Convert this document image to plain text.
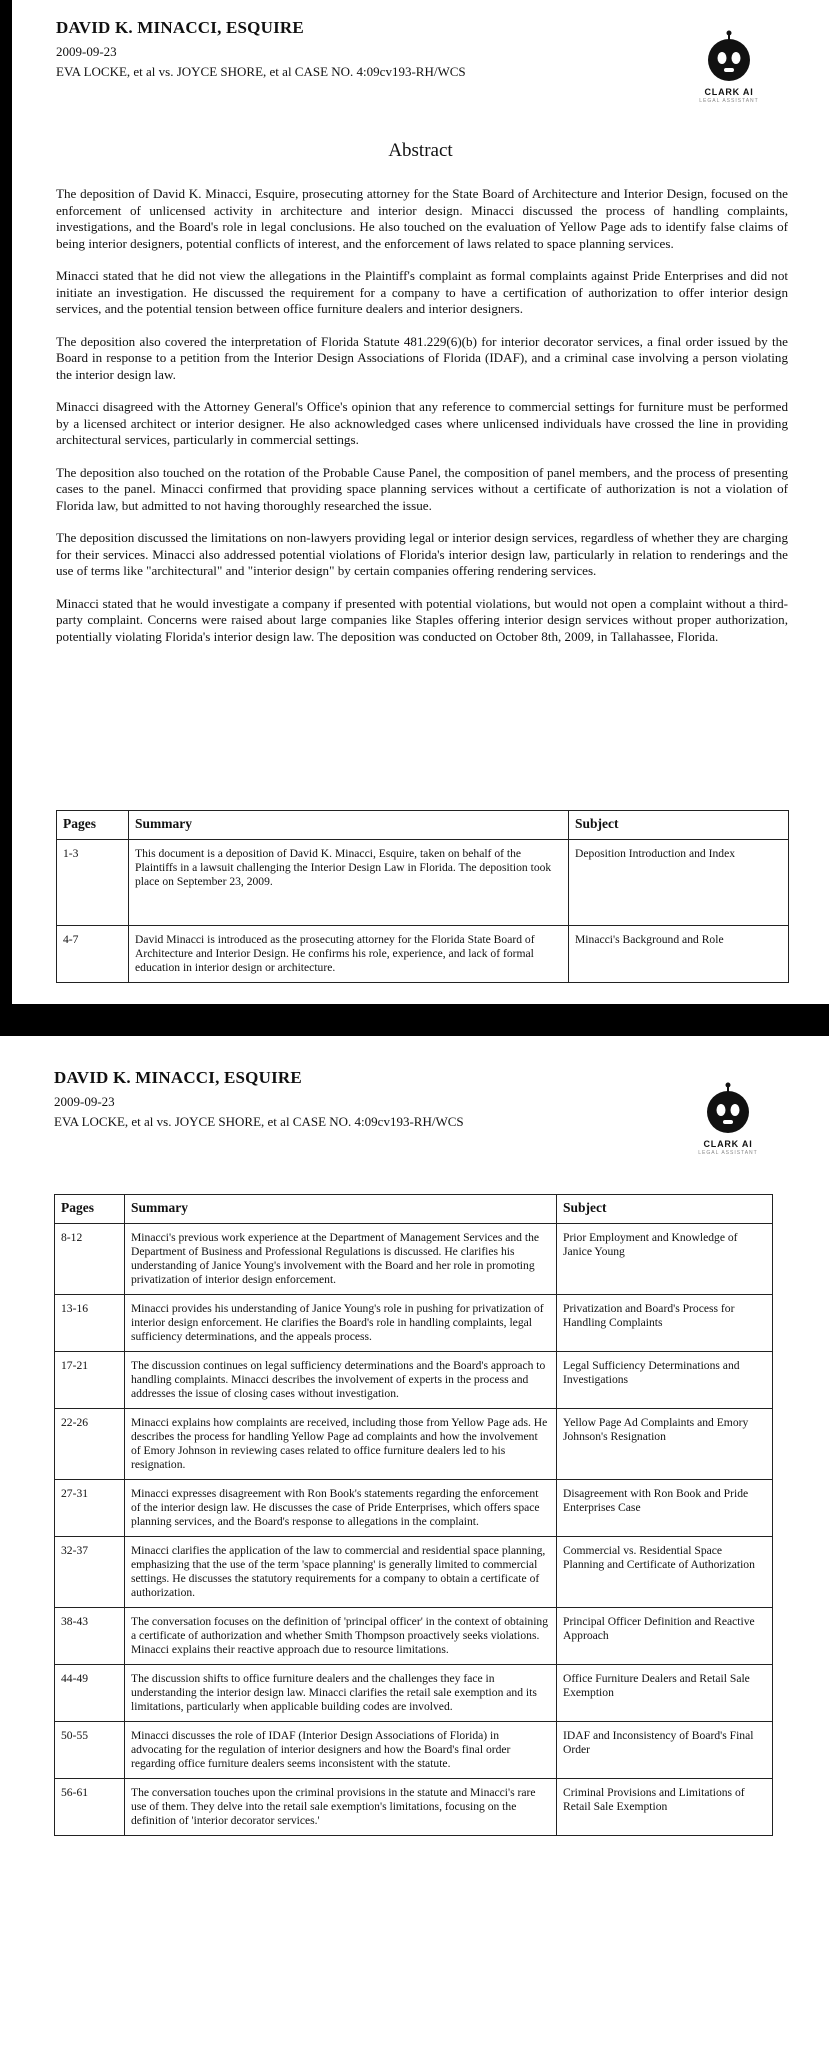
DAVID K. MINACCI, ESQUIRE
2009-09-23
EVA LOCKE, et al vs. JOYCE SHORE, et al CASE NO. 4:09cv193-RH/WCS
CLARK AI
LEGAL ASSISTANT
Abstract

The deposition of David K. Minacci, Esquire, prosecuting attorney for the State Board of Architecture and Interior Design, focused on the enforcement of unlicensed activity in architecture and interior design. Minacci discussed the process of handling complaints, investigations, and the Board's role in legal conclusions. He also touched on the evaluation of Yellow Page ads to identify false claims of being interior designers, potential conflicts of interest, and the enforcement of laws related to space planning services.

Minacci stated that he did not view the allegations in the Plaintiff's complaint as formal complaints against Pride Enterprises and did not initiate an investigation. He discussed the requirement for a company to have a certification of authorization to offer interior design services, and the potential tension between office furniture dealers and interior designers.

The deposition also covered the interpretation of Florida Statute 481.229(6)(b) for interior decorator services, a final order issued by the Board in response to a petition from the Interior Design Associations of Florida (IDAF), and a criminal case involving a person violating the interior design law.

Minacci disagreed with the Attorney General's Office's opinion that any reference to commercial settings for furniture must be performed by a licensed architect or interior designer. He also acknowledged cases where unlicensed individuals have crossed the line in providing architectural services, particularly in commercial settings.

The deposition also touched on the rotation of the Probable Cause Panel, the composition of panel members, and the process of presenting cases to the panel. Minacci confirmed that providing space planning services without a certificate of authorization is not a violation of Florida law, but admitted to not having thoroughly researched the issue.

The deposition discussed the limitations on non-lawyers providing legal or interior design services, regardless of whether they are charging for their services. Minacci also addressed potential violations of Florida's interior design law, particularly in relation to renderings and the use of terms like "architectural" and "interior design" by certain companies offering rendering services.

Minacci stated that he would investigate a company if presented with potential violations, but would not open a complaint without a third-party complaint. Concerns were raised about large companies like Staples offering interior design services without proper authorization, potentially violating Florida's interior design law. The deposition was conducted on October 8th, 2009, in Tallahassee, Florida.

Pages	Summary	Subject
1-3	This document is a deposition of David K. Minacci, Esquire, taken on behalf of the Plaintiffs in a lawsuit challenging the Interior Design Law in Florida. The deposition took place on September 23, 2009.	Deposition Introduction and Index
4-7	David Minacci is introduced as the prosecuting attorney for the Florida State Board of Architecture and Interior Design. He confirms his role, experience, and lack of formal education in interior design or architecture.	Minacci's Background and Role
DAVID K. MINACCI, ESQUIRE
2009-09-23
EVA LOCKE, et al vs. JOYCE SHORE, et al CASE NO. 4:09cv193-RH/WCS
CLARK AI
LEGAL ASSISTANT
Pages	Summary	Subject
8-12	Minacci's previous work experience at the Department of Management Services and the Department of Business and Professional Regulations is discussed. He clarifies his understanding of Janice Young's involvement with the Board and her role in promoting privatization of interior design enforcement.	Prior Employment and Knowledge of Janice Young
13-16	Minacci provides his understanding of Janice Young's role in pushing for privatization of interior design enforcement. He clarifies the Board's role in handling complaints, legal sufficiency determinations, and the appeals process.	Privatization and Board's Process for Handling Complaints
17-21	The discussion continues on legal sufficiency determinations and the Board's approach to handling complaints. Minacci describes the involvement of experts in the process and addresses the issue of closing cases without investigation.	Legal Sufficiency Determinations and Investigations
22-26	Minacci explains how complaints are received, including those from Yellow Page ads. He describes the process for handling Yellow Page ad complaints and how the involvement of Emory Johnson in reviewing cases related to office furniture dealers led to his resignation.	Yellow Page Ad Complaints and Emory Johnson's Resignation
27-31	Minacci expresses disagreement with Ron Book's statements regarding the enforcement of the interior design law. He discusses the case of Pride Enterprises, which offers space planning services, and the Board's response to allegations in the complaint.	Disagreement with Ron Book and Pride Enterprises Case
32-37	Minacci clarifies the application of the law to commercial and residential space planning, emphasizing that the use of the term 'space planning' is generally limited to commercial settings. He discusses the statutory requirements for a company to obtain a certificate of authorization.	Commercial vs. Residential Space Planning and Certificate of Authorization
38-43	The conversation focuses on the definition of 'principal officer' in the context of obtaining a certificate of authorization and whether Smith Thompson proactively seeks violations. Minacci explains their reactive approach due to resource limitations.	Principal Officer Definition and Reactive Approach
44-49	The discussion shifts to office furniture dealers and the challenges they face in understanding the interior design law. Minacci clarifies the retail sale exemption and its limitations, particularly when applicable building codes are involved.	Office Furniture Dealers and Retail Sale Exemption
50-55	Minacci discusses the role of IDAF (Interior Design Associations of Florida) in advocating for the regulation of interior designers and how the Board's final order regarding office furniture dealers seems inconsistent with the statute.	IDAF and Inconsistency of Board's Final Order
56-61	The conversation touches upon the criminal provisions in the statute and Minacci's rare use of them. They delve into the retail sale exemption's limitations, focusing on the definition of 'interior decorator services.'	Criminal Provisions and Limitations of Retail Sale Exemption
